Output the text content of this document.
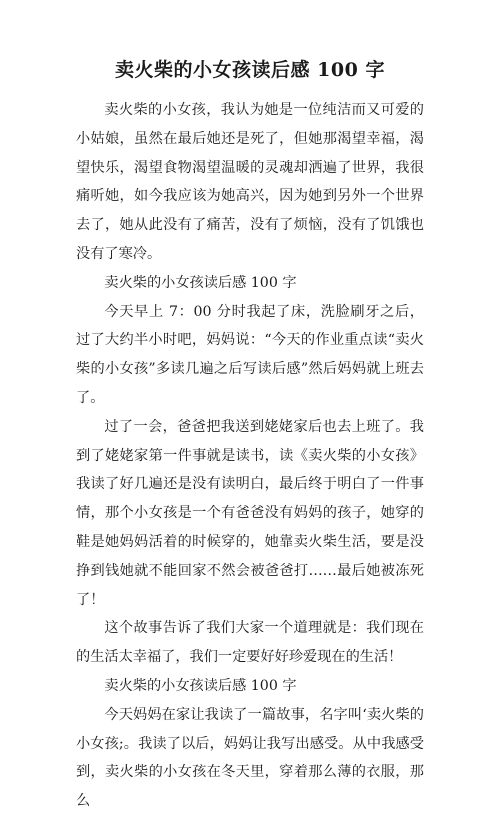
卖火柴的小女孩读后感 100 字

卖火柴的小女孩，我认为她是一位纯洁而又可爱的小姑娘，虽然在最后她还是死了，但她那渴望幸福，渴望快乐，渴望食物渴望温暖的灵魂却洒遍了世界，我很痛听她，如今我应该为她高兴，因为她到另外一个世界去了，她从此没有了痛苦，没有了烦恼，没有了饥饿也没有了寒冷。

卖火柴的小女孩读后感 100 字

今天早上 7：00 分时我起了床，洗脸刷牙之后，过了大约半小时吧，妈妈说：“今天的作业重点读“卖火柴的小女孩”多读几遍之后写读后感”然后妈妈就上班去了。

过了一会，爸爸把我送到姥姥家后也去上班了。我到了姥姥家第一件事就是读书，读《卖火柴的小女孩》我读了好几遍还是没有读明白，最后终于明白了一件事情，那个小女孩是一个有爸爸没有妈妈的孩子，她穿的鞋是她妈妈活着的时候穿的，她靠卖火柴生活，要是没挣到钱她就不能回家不然会被爸爸打……最后她被冻死了！

这个故事告诉了我们大家一个道理就是：我们现在的生活太幸福了，我们一定要好好珍爱现在的生活！

卖火柴的小女孩读后感 100 字

今天妈妈在家让我读了一篇故事，名字叫‘卖火柴的小女孩;。我读了以后，妈妈让我写出感受。从中我感受到，卖火柴的小女孩在冬天里，穿着那么薄的衣服，那么
